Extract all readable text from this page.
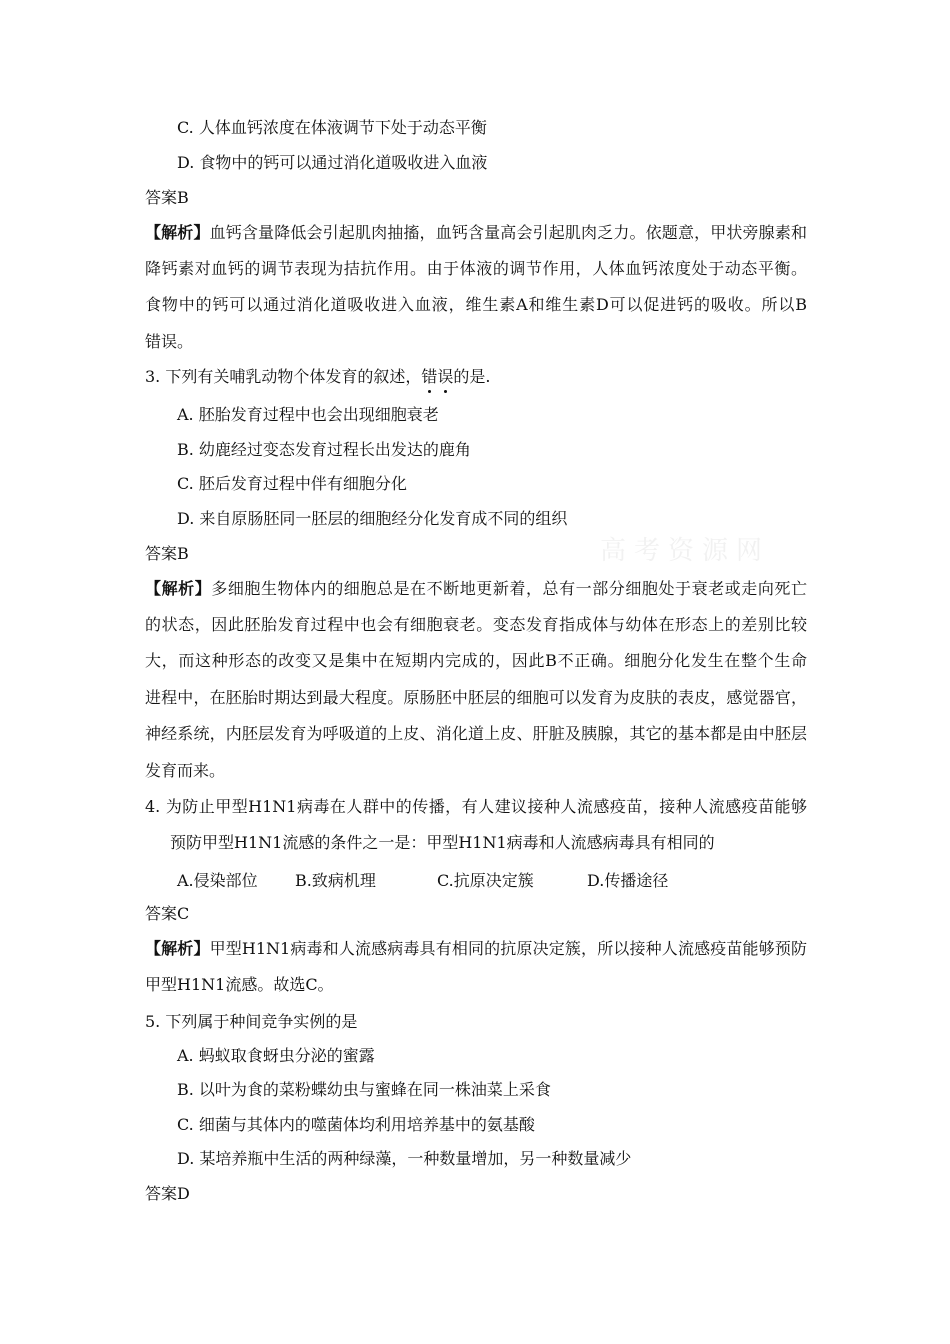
高考资源网
C. 人体血钙浓度在体液调节下处于动态平衡
D. 食物中的钙可以通过消化道吸收进入血液
答案B
【解析】血钙含量降低会引起肌肉抽搐，血钙含量高会引起肌肉乏力。依题意，甲状旁腺素和
降钙素对血钙的调节表现为拮抗作用。由于体液的调节作用，人体血钙浓度处于动态平衡。
食物中的钙可以通过消化道吸收进入血液，维生素A和维生素D可以促进钙的吸收。所以B
错误。
3. 下列有关哺乳动物个体发育的叙述，错误的是.
A. 胚胎发育过程中也会出现细胞衰老
B. 幼鹿经过变态发育过程长出发达的鹿角
C. 胚后发育过程中伴有细胞分化
D. 来自原肠胚同一胚层的细胞经分化发育成不同的组织
答案B
【解析】多细胞生物体内的细胞总是在不断地更新着，总有一部分细胞处于衰老或走向死亡
的状态，因此胚胎发育过程中也会有细胞衰老。变态发育指成体与幼体在形态上的差别比较
大，而这种形态的改变又是集中在短期内完成的，因此B不正确。细胞分化发生在整个生命
进程中，在胚胎时期达到最大程度。原肠胚中胚层的细胞可以发育为皮肤的表皮，感觉器官，
神经系统，内胚层发育为呼吸道的上皮、消化道上皮、肝脏及胰腺，其它的基本都是由中胚层
发育而来。
4. 为防止甲型H1N1病毒在人群中的传播，有人建议接种人流感疫苗，接种人流感疫苗能够
预防甲型H1N1流感的条件之一是：甲型H1N1病毒和人流感病毒具有相同的
A.侵染部位 B.致病机理	C.抗原决定簇	D.传播途径
答案C
【解析】甲型H1N1病毒和人流感病毒具有相同的抗原决定簇，所以接种人流感疫苗能够预防
甲型H1N1流感。故选C。
5. 下列属于种间竞争实例的是
A. 蚂蚁取食蚜虫分泌的蜜露
B. 以叶为食的菜粉蝶幼虫与蜜蜂在同一株油菜上采食
C. 细菌与其体内的噬菌体均利用培养基中的氨基酸
D. 某培养瓶中生活的两种绿藻，一种数量增加，另一种数量减少
答案D
